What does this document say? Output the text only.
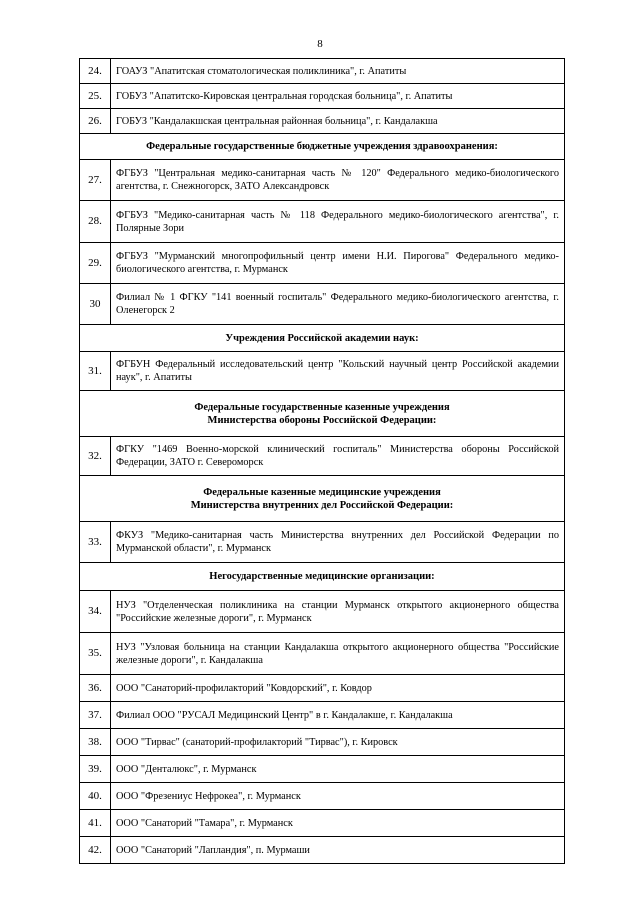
8
24.	ГОАУЗ "Апатитская стоматологическая поликлиника", г. Апатиты
25.	ГОБУЗ "Апатитско-Кировская центральная городская больница", г. Апатиты
26.	ГОБУЗ "Кандалакшская центральная районная больница", г. Кандалакша
Федеральные государственные бюджетные учреждения здравоохранения:	
27.	ФГБУЗ "Центральная медико-санитарная часть № 120" Федерального медико-биологического агентства, г. Снежногорск, ЗАТО Александровск
28.	ФГБУЗ "Медико-санитарная часть № 118 Федерального медико-биологического агентства", г. Полярные Зори
29.	ФГБУЗ "Мурманский многопрофильный центр имени Н.И. Пирогова" Федерального медико-биологического агентства, г. Мурманск
30	Филиал № 1 ФГКУ "141 военный госпиталь" Федерального медико-биологического агентства, г. Оленегорск 2
Учреждения Российской академии наук:	
31.	ФГБУН Федеральный исследовательский центр "Кольский научный центр Российской академии наук", г. Апатиты

Федеральные государственные казенные учреждения
Министерства обороны Российской Федерации:	

32.	ФГКУ "1469 Военно-морской клинический госпиталь" Министерства обороны Российской Федерации, ЗАТО г. Североморск

Федеральные казенные медицинские учреждения
Министерства внутренних дел Российской Федерации:	

33.	ФКУЗ "Медико-санитарная часть Министерства внутренних дел Российской Федерации по Мурманской области", г. Мурманск
Негосударственные медицинские организации:	
34.	НУЗ "Отделенческая поликлиника на станции Мурманск открытого акционерного общества "Российские железные дороги", г. Мурманск
35.	НУЗ "Узловая больница на станции Кандалакша открытого акционерного общества "Российские железные дороги", г. Кандалакша
36.	ООО "Санаторий-профилакторий "Ковдорский", г. Ковдор
37.	Филиал ООО "РУСАЛ Медицинский Центр" в г. Кандалакше, г. Кандалакша
38.	ООО "Тирвас" (санаторий-профилакторий "Тирвас"), г. Кировск
39.	ООО "Денталюкс", г. Мурманск
40.	ООО "Фрезениус Нефрокеа", г. Мурманск
41.	ООО "Санаторий "Тамара", г. Мурманск
42.	ООО "Санаторий "Лапландия", п. Мурмаши
